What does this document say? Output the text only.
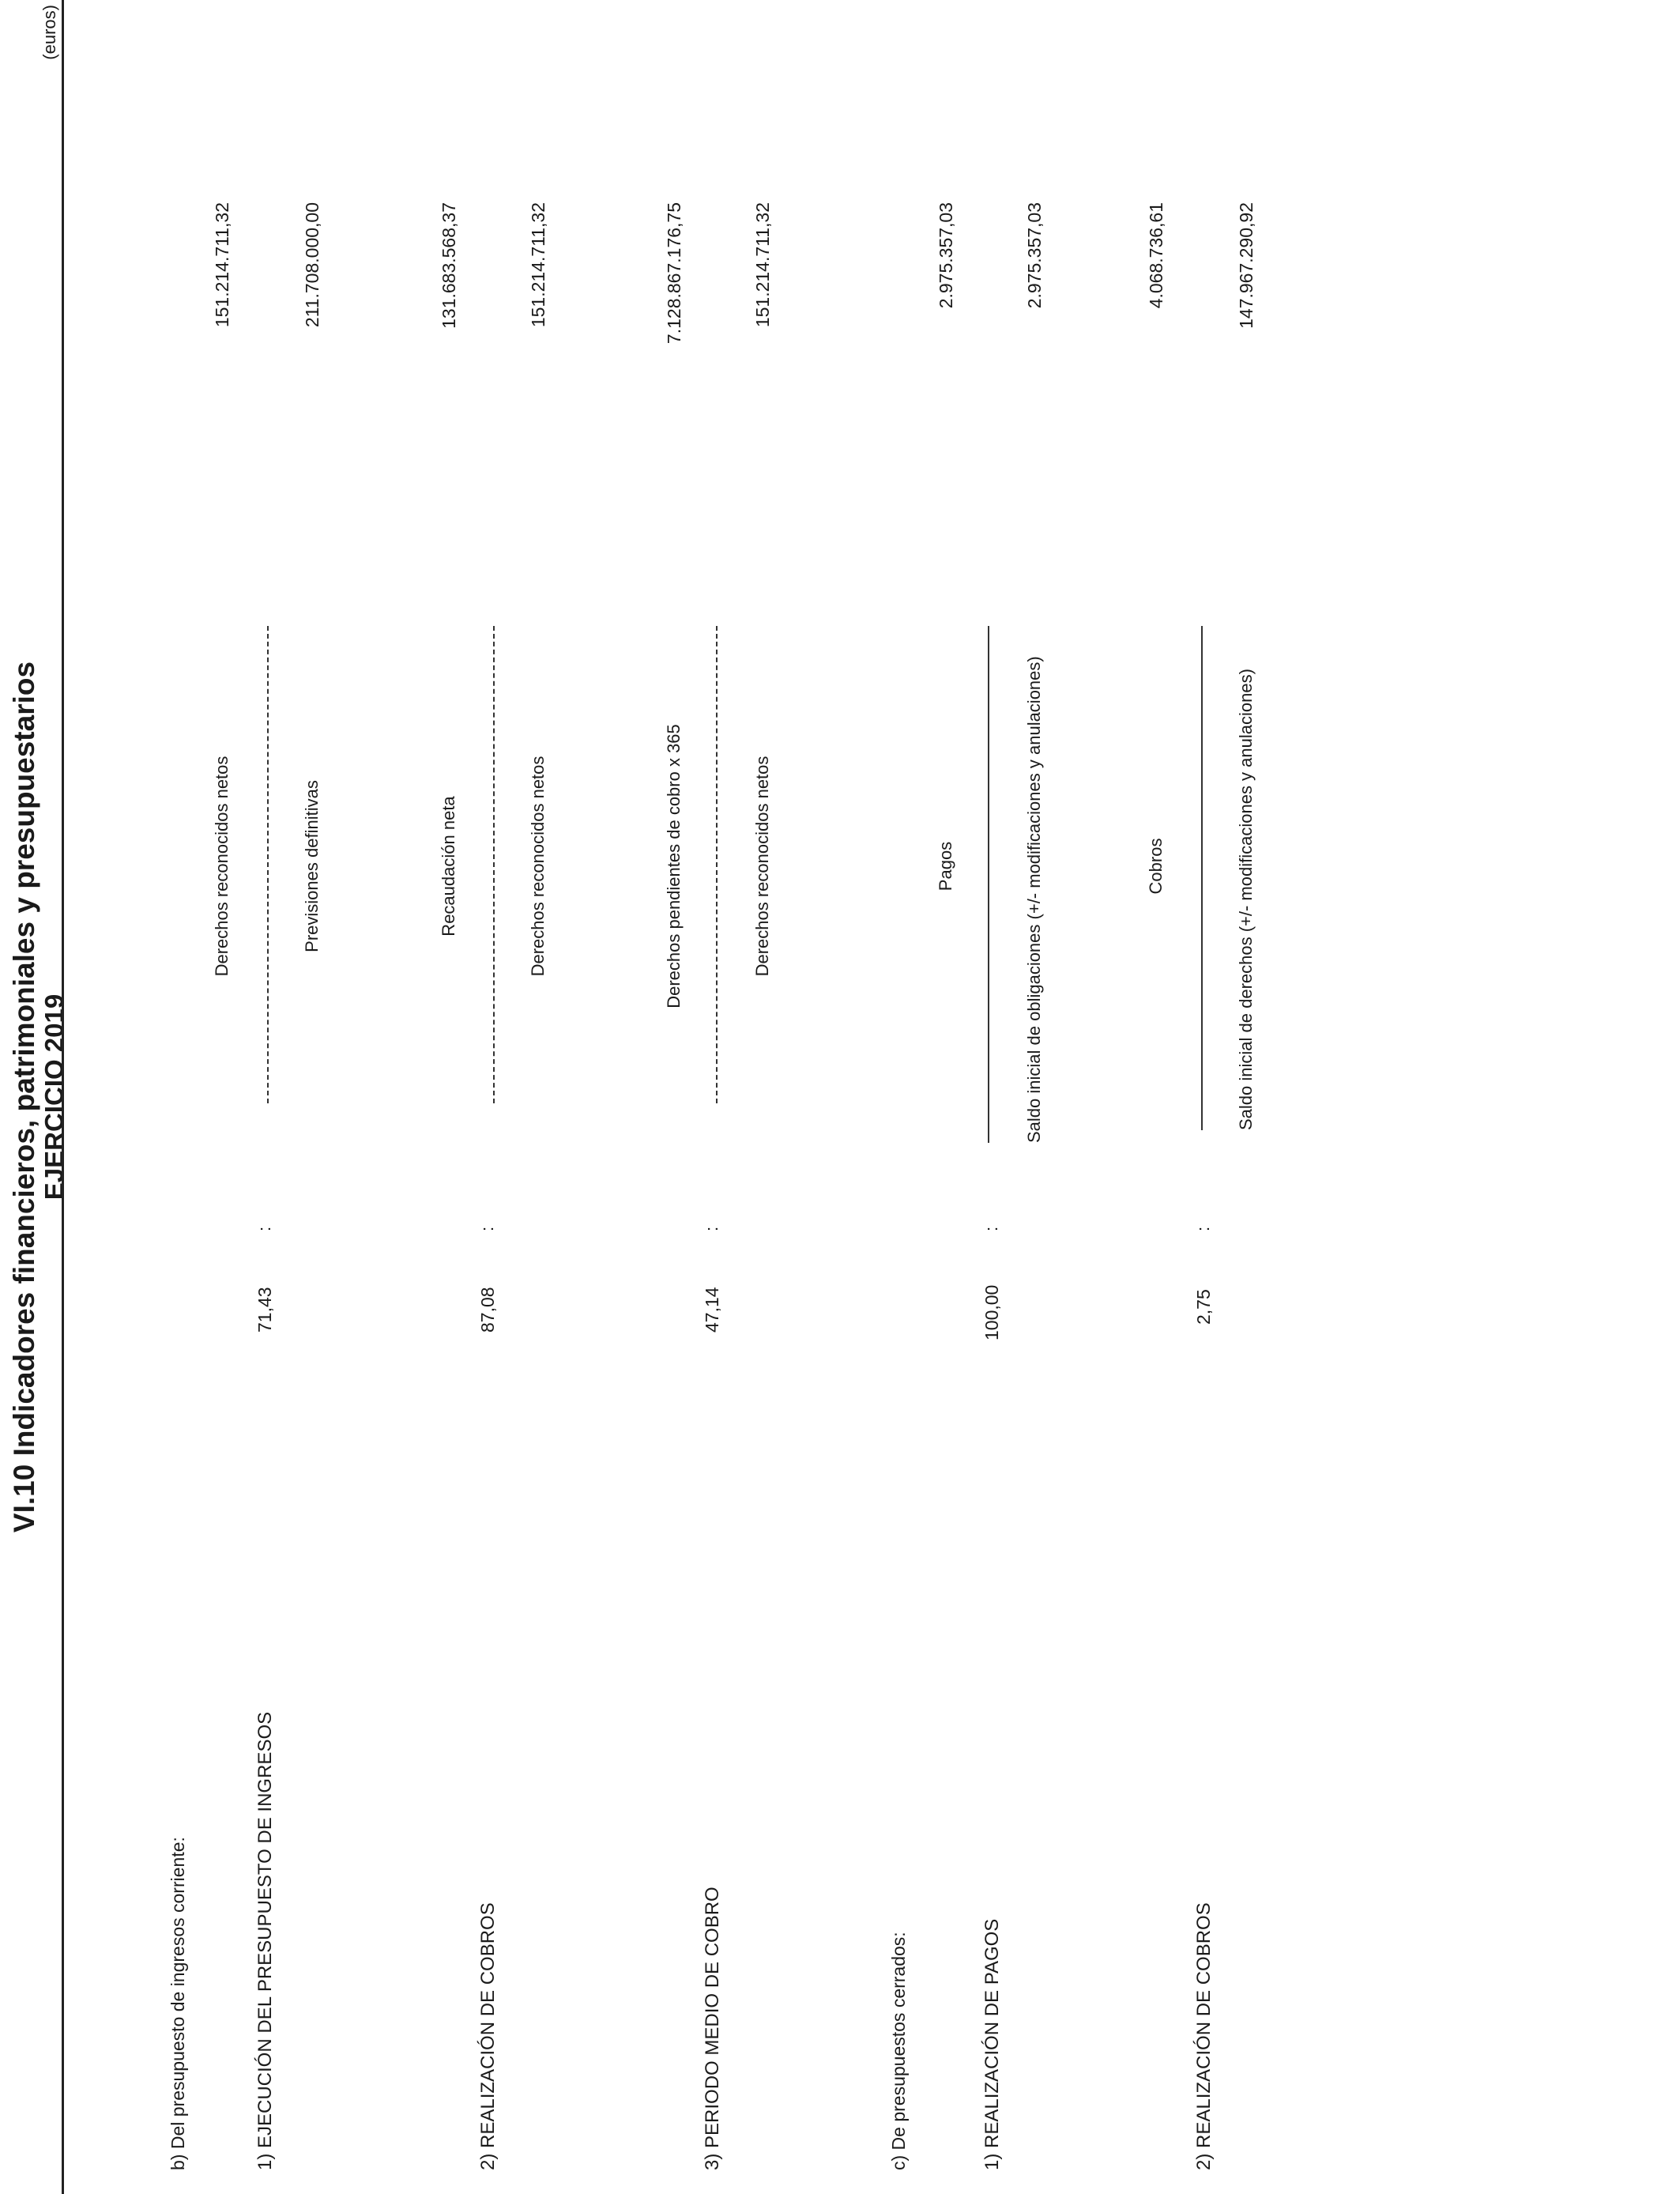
VI.10 Indicadores financieros, patrimoniales y presupuestarios EJERCICIO 2019
(euros)
b) Del presupuesto de ingresos corriente:	c) De presupuestos cerrados:
1) EJECUCIÓN DEL PRESUPUESTO DE INGRESOS
71,43
:
Derechos reconocidos netos	Previsiones definitivas
151.214.711,32	211.708.000,00
2) REALIZACIÓN DE COBROS
87,08
:
Recaudación neta	Derechos reconocidos netos
131.683.568,37	151.214.711,32
3) PERIODO MEDIO DE COBRO
47,14
:
Derechos pendientes de cobro x 365	Derechos reconocidos netos
7.128.867.176,75	151.214.711,32
1) REALIZACIÓN DE PAGOS
100,00
:
Pagos	Saldo inicial de obligaciones (+/- modificaciones y anulaciones)
2.975.357,03	2.975.357,03
2) REALIZACIÓN DE COBROS
2,75
:
Cobros	Saldo inicial de derechos (+/- modificaciones y anulaciones)
4.068.736,61	147.967.290,92
